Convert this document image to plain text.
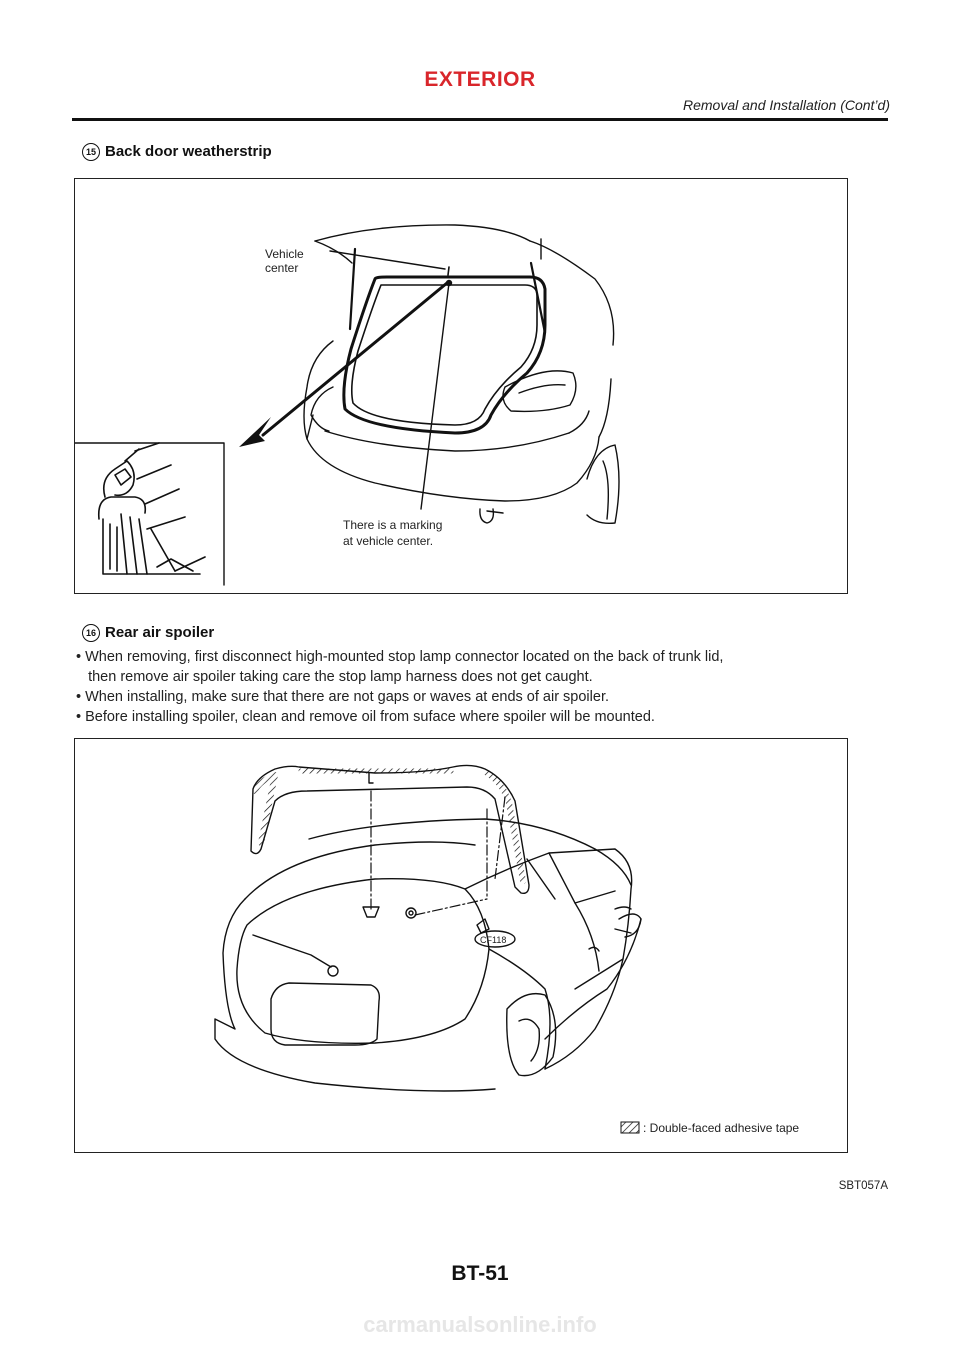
EXTERIOR
Removal and Installation (Cont’d)
15 Back door weatherstrip
Vehicle
center
There is a marking
at vehicle center.
16 Rear air spoiler
• When removing, first disconnect high-mounted stop lamp connector located on the back of trunk lid,
then remove air spoiler taking care the stop lamp harness does not get caught.
• When installing, make sure that there are not gaps or waves at ends of air spoiler.
• Before installing spoiler, clean and remove oil from suface where spoiler will be mounted.
CF118
: Double-faced adhesive tape
SBT057A
BT-51
carmanualsonline.info
